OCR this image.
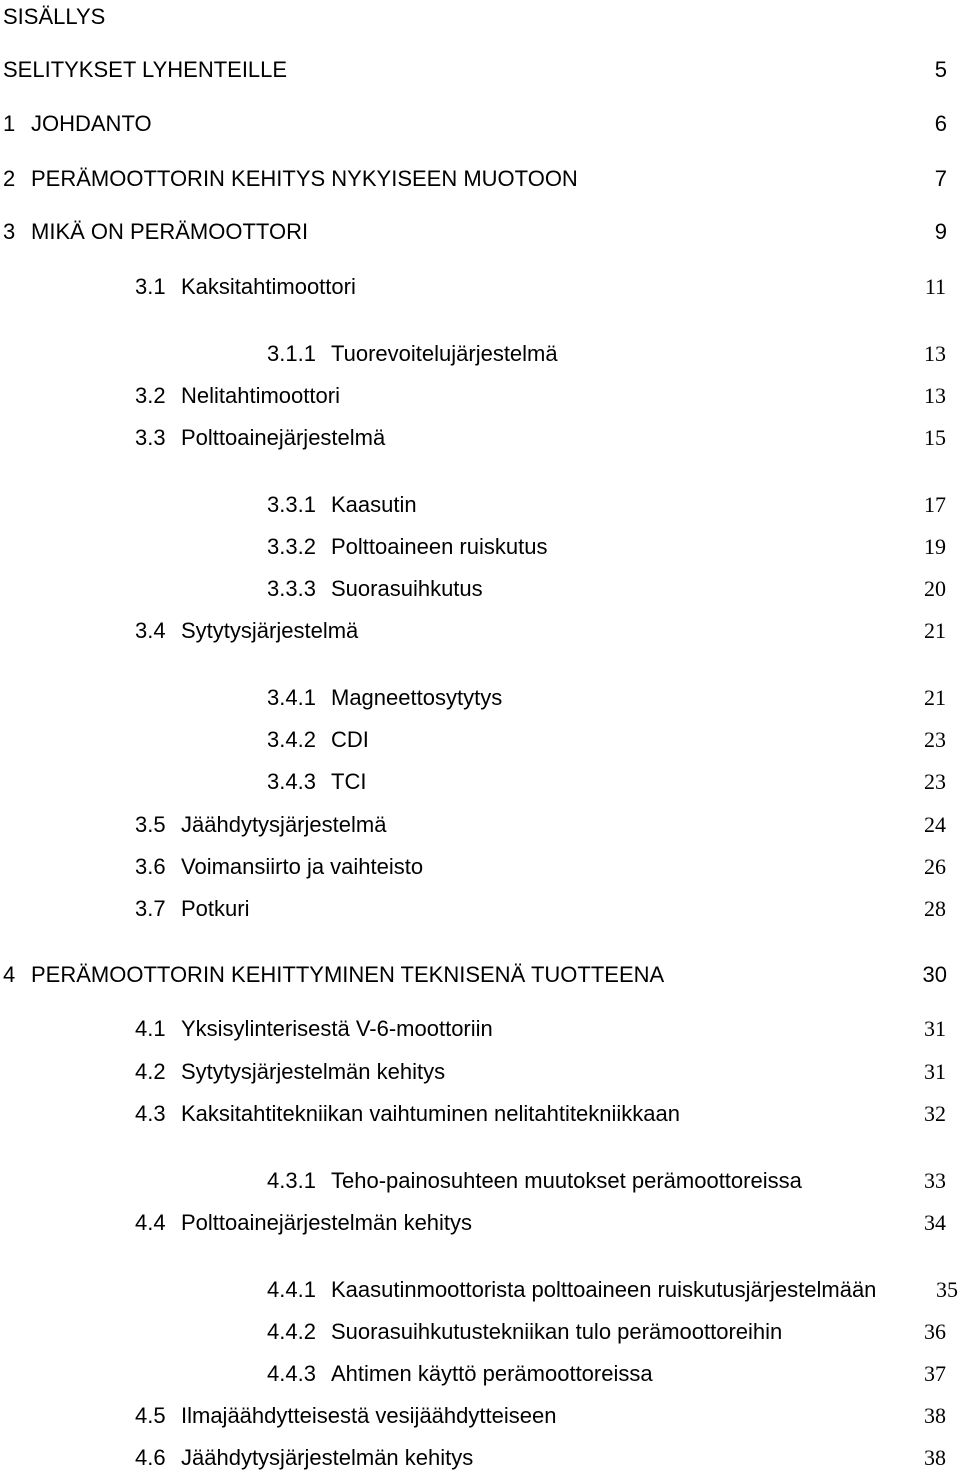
SISÄLLYS
SELITYKSET LYHENTEILLE	5
1 JOHDANTO	6
2 PERÄMOOTTORIN KEHITYS NYKYISEEN MUOTOON	7
3 MIKÄ ON PERÄMOOTTORI	9
3.1 Kaksitahtimoottori	11
3.1.1 Tuorevoitelujärjestelmä	13
3.2 Nelitahtimoottori	13
3.3 Polttoainejärjestelmä	15
3.3.1 Kaasutin	17
3.3.2 Polttoaineen ruiskutus	19
3.3.3 Suorasuihkutus	20
3.4 Sytytysjärjestelmä	21
3.4.1 Magneettosytytys	21
3.4.2 CDI	23
3.4.3 TCI	23
3.5 Jäähdytysjärjestelmä	24
3.6 Voimansiirto ja vaihteisto	26
3.7 Potkuri	28
4 PERÄMOOTTORIN KEHITTYMINEN TEKNISENÄ TUOTTEENA	30
4.1 Yksisylinterisestä V-6-moottoriin	31
4.2 Sytytysjärjestelmän kehitys	31
4.3 Kaksitahtitekniikan vaihtuminen nelitahtitekniikkaan	32
4.3.1 Teho-painosuhteen muutokset perämoottoreissa	33
4.4 Polttoainejärjestelmän kehitys	34
4.4.1 Kaasutinmoottorista polttoaineen ruiskutusjärjestelmään	35
4.4.2 Suorasuihkutustekniikan tulo perämoottoreihin	36
4.4.3 Ahtimen käyttö perämoottoreissa	37
4.5 Ilmajäähdytteisestä vesijäähdytteiseen	38
4.6 Jäähdytysjärjestelmän kehitys	38
